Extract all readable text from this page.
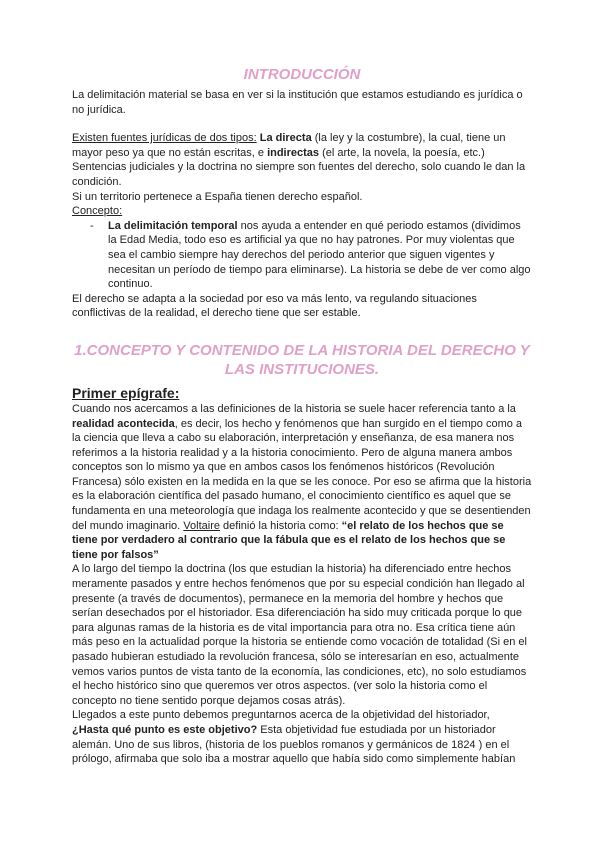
INTRODUCCIÓN

La delimitación material se basa en ver si la institución que estamos estudiando es jurídica o no jurídica.

Existen fuentes jurídicas de dos tipos: La directa (la ley y la costumbre), la cual, tiene un mayor peso ya que no están escritas, e indirectas (el arte, la novela, la poesía, etc.)

Sentencias judiciales y la doctrina no siempre son fuentes del derecho, solo cuando le dan la condición.

Si un territorio pertenece a España tienen derecho español.

Concepto:

- La delimitación temporal nos ayuda a entender en qué periodo estamos (dividimos la Edad Media, todo eso es artificial ya que no hay patrones. Por muy violentas que sea el cambio siempre hay derechos del periodo anterior que siguen vigentes y necesitan un período de tiempo para eliminarse). La historia se debe de ver como algo continuo.

El derecho se adapta a la sociedad por eso va más lento, va regulando situaciones conflictivas de la realidad, el derecho tiene que ser estable.

1.CONCEPTO Y CONTENIDO DE LA HISTORIA DEL DERECHO Y LAS INSTITUCIONES.
Primer epígrafe:

Cuando nos acercamos a las definiciones de la historia se suele hacer referencia tanto a la realidad acontecida, es decir, los hecho y fenómenos que han surgido en el tiempo como a la ciencia que lleva a cabo su elaboración, interpretación y enseñanza, de esa manera nos referimos a la historia realidad y a la historia conocimiento. Pero de alguna manera ambos conceptos son lo mismo ya que en ambos casos los fenómenos históricos (Revolución Francesa) sólo existen en la medida en la que se les conoce. Por eso se afirma que la historia es la elaboración científica del pasado humano, el conocimiento científico es aquel que se fundamenta en una meteorología que indaga los realmente acontecido y que se desentienden del mundo imaginario. Voltaire definió la historia como: “el relato de los hechos que se tiene por verdadero al contrario que la fábula que es el relato de los hechos que se tiene por falsos”

A lo largo del tiempo la doctrina (los que estudian la historia) ha diferenciado entre hechos meramente pasados y entre hechos fenómenos que por su especial condición han llegado al presente (a través de documentos), permanece en la memoria del hombre y hechos que serían desechados por el historiador. Esa diferenciación ha sido muy criticada porque lo que para algunas ramas de la historia es de vital importancia para otra no. Esa crítica tiene aún más peso en la actualidad porque la historia se entiende como vocación de totalidad (Si en el pasado hubieran estudiado la revolución francesa, sólo se interesarían en eso, actualmente vemos varios puntos de vista tanto de la economía, las condiciones, etc), no solo estudiamos el hecho histórico sino que queremos ver otros aspectos. (ver solo la historia como el concepto no tiene sentido porque dejamos cosas atrás).

Llegados a este punto debemos preguntarnos acerca de la objetividad del historiador,

¿Hasta qué punto es este objetivo? Esta objetividad fue estudiada por un historiador alemán. Uno de sus libros, (historia de los pueblos romanos y germánicos de 1824 ) en el prólogo, afirmaba que solo iba a mostrar aquello que había sido como simplemente habían
